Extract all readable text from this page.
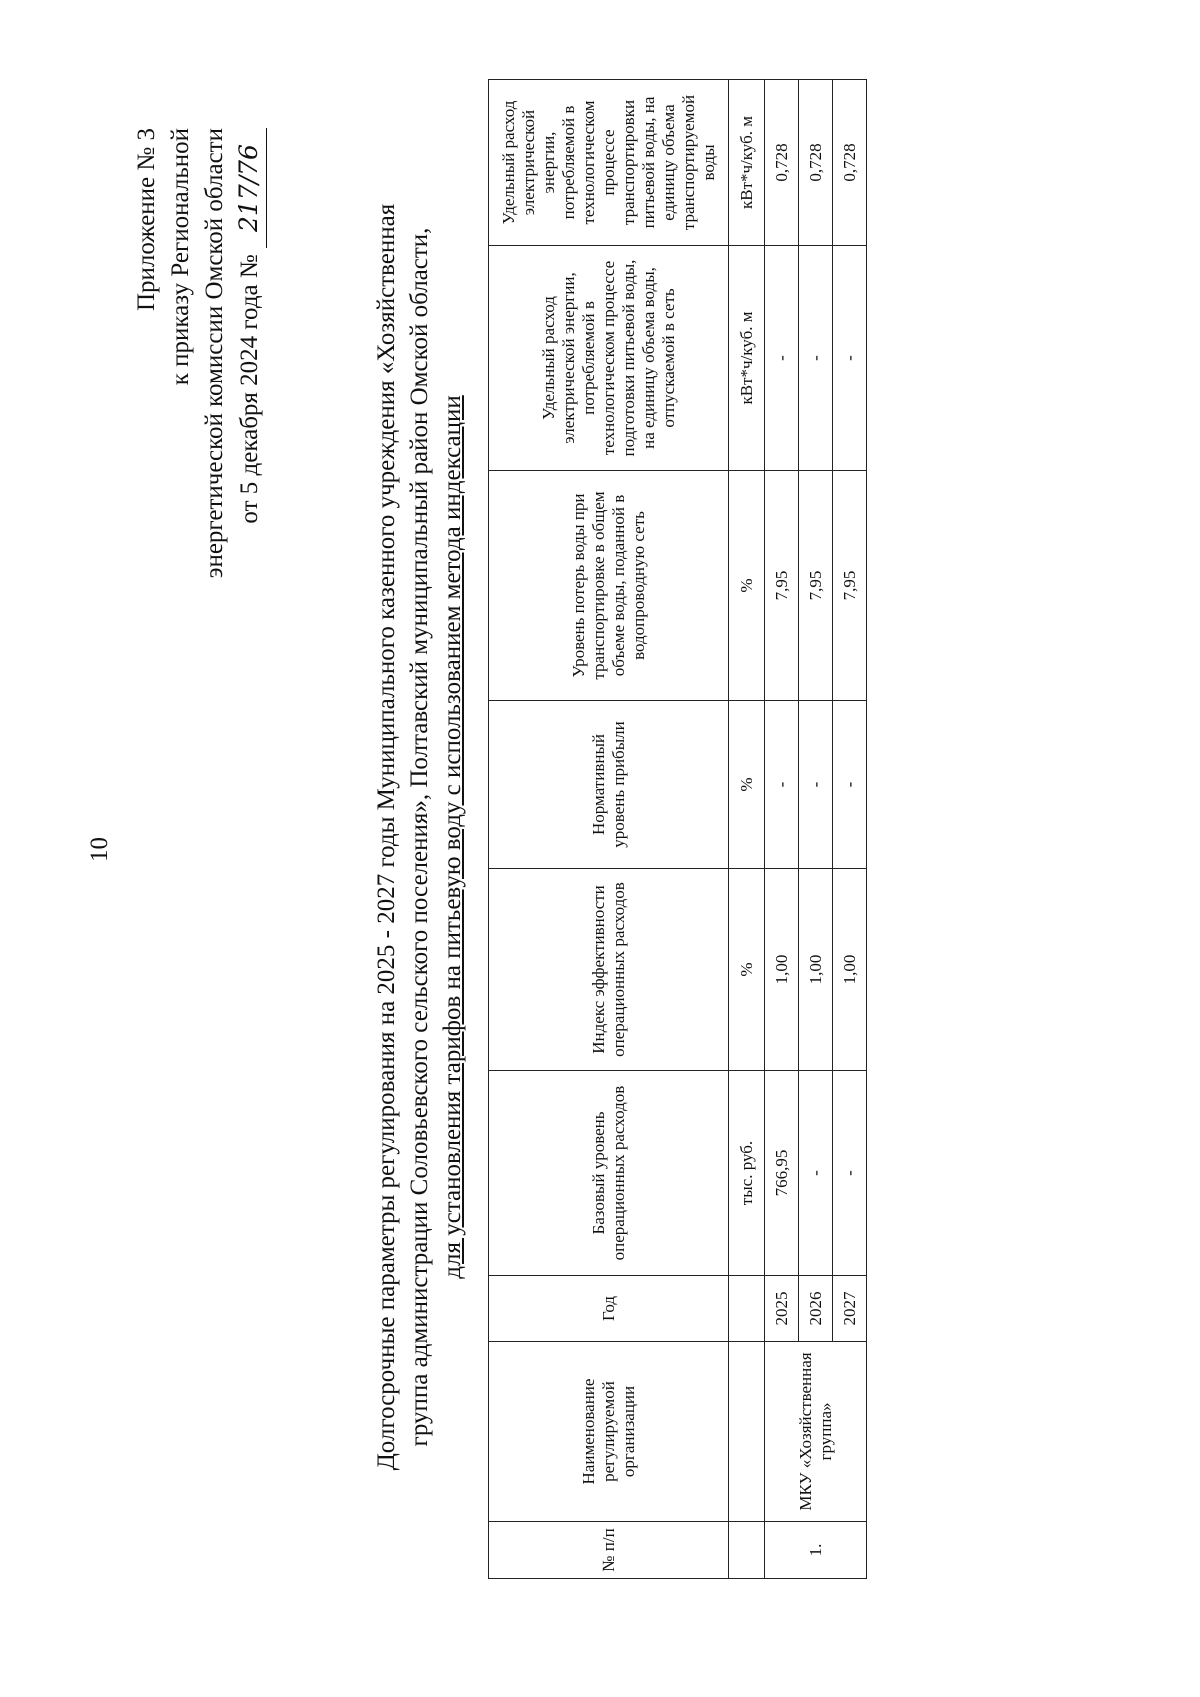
10
Приложение № 3 к приказу Региональной энергетической комиссии Омской области от 5 декабря 2024 года № 217/76
Долгосрочные параметры регулирования на 2025 - 2027 годы Муниципального казенного учреждения «Хозяйственная группа администрации Соловьевского сельского поселения», Полтавский муниципальный район Омской области, для установления тарифов на питьевую воду с использованием метода индексации
№ п/п	Наименование регулируемой организации	Год	Базовый уровень операционных расходов	Индекс эффективности операционных расходов	Нормативный уровень прибыли	Уровень потерь воды при транспортировке в общем объеме воды, поданной в водопроводную сеть	Удельный расход электрической энергии, потребляемой в технологическом процессе подготовки питьевой воды, на единицу объема воды, отпускаемой в сеть	Удельный расход электрической энергии, потребляемой в технологическом процессе транспортировки питьевой воды, на единицу объема транспортируемой воды
			тыс. руб.	%	%	%	кВт*ч/куб. м	кВт*ч/куб. м
1.	МКУ «Хозяйственная группа»	2025	766,95	1,00	-	7,95	-	0,728
		2026	-	1,00	-	7,95	-	0,728
		2027	-	1,00	-	7,95	-	0,728
